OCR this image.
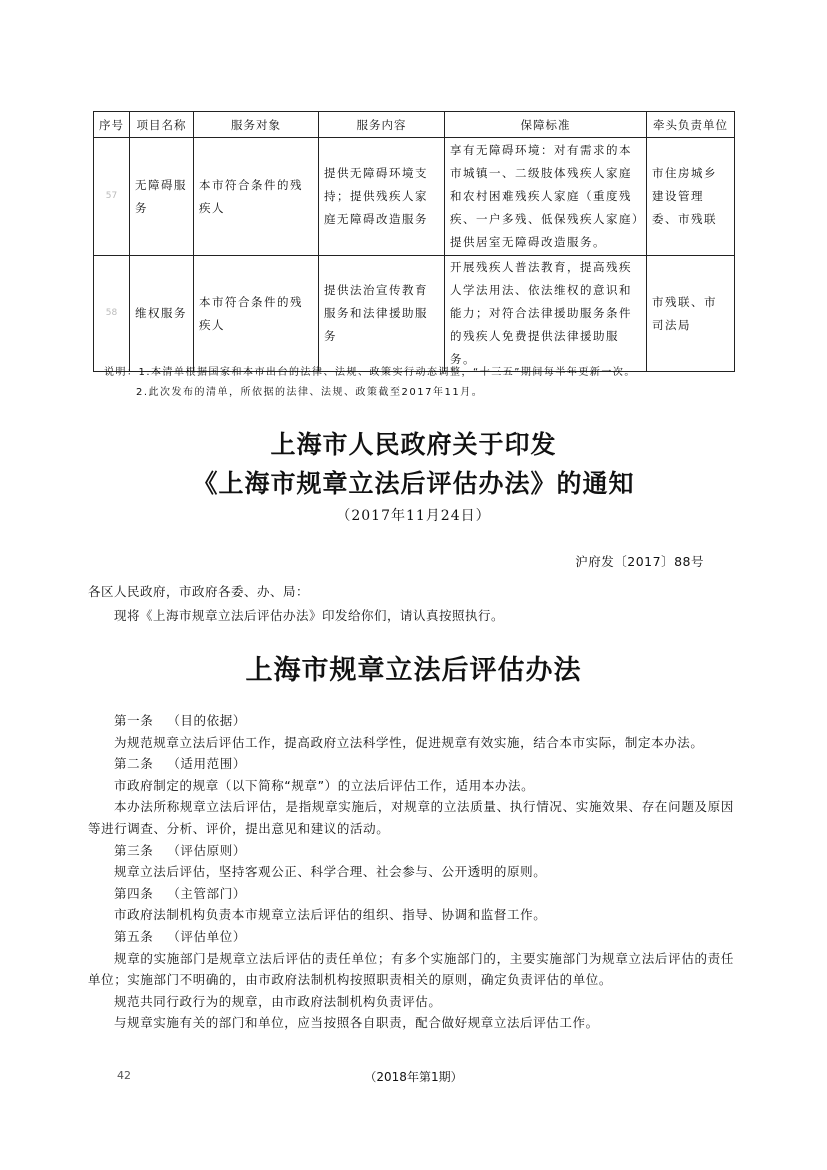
序号	项目名称	服务对象	服务内容	保障标准	牵头负责单位
57	无障碍服务	本市符合条件的残疾人	提供无障碍环境支持；提供残疾人家庭无障碍改造服务	享有无障碍环境：对有需求的本市城镇一、二级肢体残疾人家庭和农村困难残疾人家庭（重度残疾、一户多残、低保残疾人家庭）提供居室无障碍改造服务。	市住房城乡建设管理委、市残联
58	维权服务	本市符合条件的残疾人	提供法治宣传教育服务和法律援助服务	开展残疾人普法教育，提高残疾人学法用法、依法维权的意识和能力；对符合法律援助服务条件的残疾人免费提供法律援助服务。	市残联、市司法局
说明：1.本清单根据国家和本市出台的法律、法规、政策实行动态调整，“十三五”期间每半年更新一次。
2.此次发布的清单，所依据的法律、法规、政策截至2017年11月。
上海市人民政府关于印发
《上海市规章立法后评估办法》的通知
（2017年11月24日）
沪府发〔2017〕88号
各区人民政府，市政府各委、办、局：
现将《上海市规章立法后评估办法》印发给你们，请认真按照执行。
上海市规章立法后评估办法

第一条 （目的依据）

为规范规章立法后评估工作，提高政府立法科学性，促进规章有效实施，结合本市实际，制定本办法。

第二条 （适用范围）

市政府制定的规章（以下简称“规章”）的立法后评估工作，适用本办法。

本办法所称规章立法后评估，是指规章实施后，对规章的立法质量、执行情况、实施效果、存在问题及原因等进行调查、分析、评价，提出意见和建议的活动。

第三条 （评估原则）

规章立法后评估，坚持客观公正、科学合理、社会参与、公开透明的原则。

第四条 （主管部门）

市政府法制机构负责本市规章立法后评估的组织、指导、协调和监督工作。

第五条 （评估单位）

规章的实施部门是规章立法后评估的责任单位；有多个实施部门的，主要实施部门为规章立法后评估的责任单位；实施部门不明确的，由市政府法制机构按照职责相关的原则，确定负责评估的单位。

规范共同行政行为的规章，由市政府法制机构负责评估。

与规章实施有关的部门和单位，应当按照各自职责，配合做好规章立法后评估工作。

42	（2018年第1期）
